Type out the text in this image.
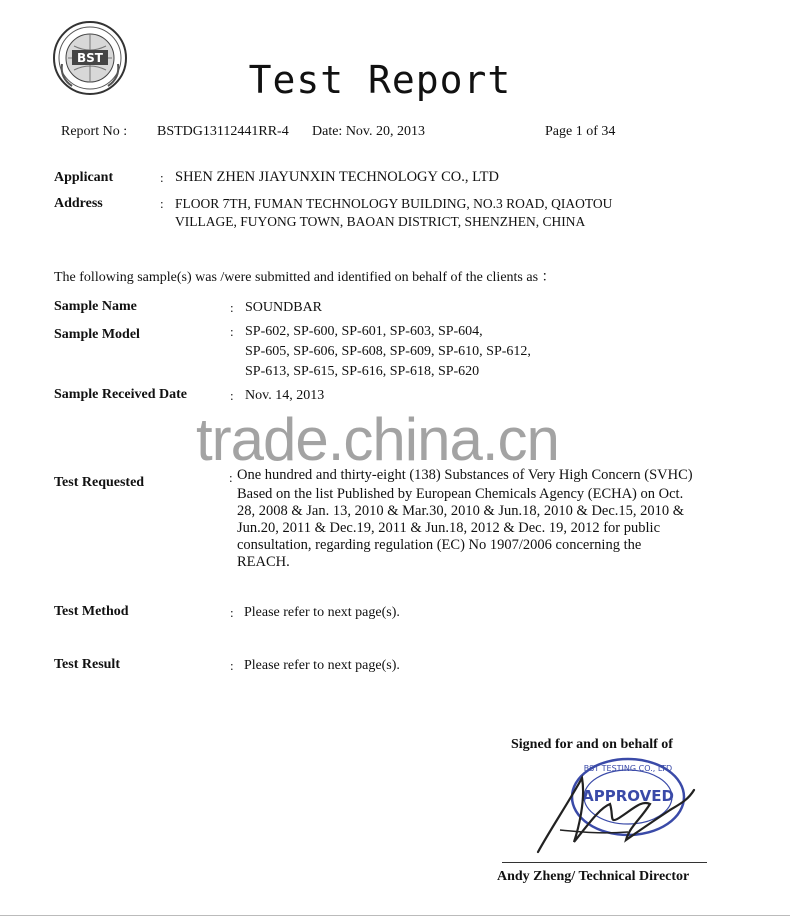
BST	Test Report
Report No : BSTDG13112441RR-4 Date: Nov. 20, 2013	Page 1 of 34
Applicant	: SHEN ZHEN JIAYUNXIN TECHNOLOGY CO., LTD
Address	: FLOOR 7TH, FUMAN TECHNOLOGY BUILDING, NO.3 ROAD, QIAOTOU
VILLAGE, FUYONG TOWN, BAOAN DISTRICT, SHENZHEN, CHINA
The following sample(s) was /were submitted and identified on behalf of the clients as ：
Sample Name	: SOUNDBAR
Sample Model	: SP-602, SP-600, SP-601, SP-603, SP-604,
SP-605, SP-606, SP-608, SP-609, SP-610, SP-612,
SP-613, SP-615, SP-616, SP-618, SP-620
Sample Received Date	: Nov. 14, 2013
Test Requested	: One hundred and thirty-eight (138) Substances of Very High Concern (SVHC)
Based on the list Published by European Chemicals Agency (ECHA) on Oct.
28, 2008 & Jan. 13, 2010 & Mar.30, 2010 & Jun.18, 2010 & Dec.15, 2010 &
Jun.20, 2011 & Dec.19, 2011 & Jun.18, 2012 & Dec. 19, 2012 for public
consultation, regarding regulation (EC) No 1907/2006 concerning the
REACH.
trade.china.cn
Test Method	: Please refer to next page(s).
Test Result	: Please refer to next page(s).
Signed for and on behalf of
BST TESTING CO., LTD
APPROVED
Andy Zheng/ Technical Director
